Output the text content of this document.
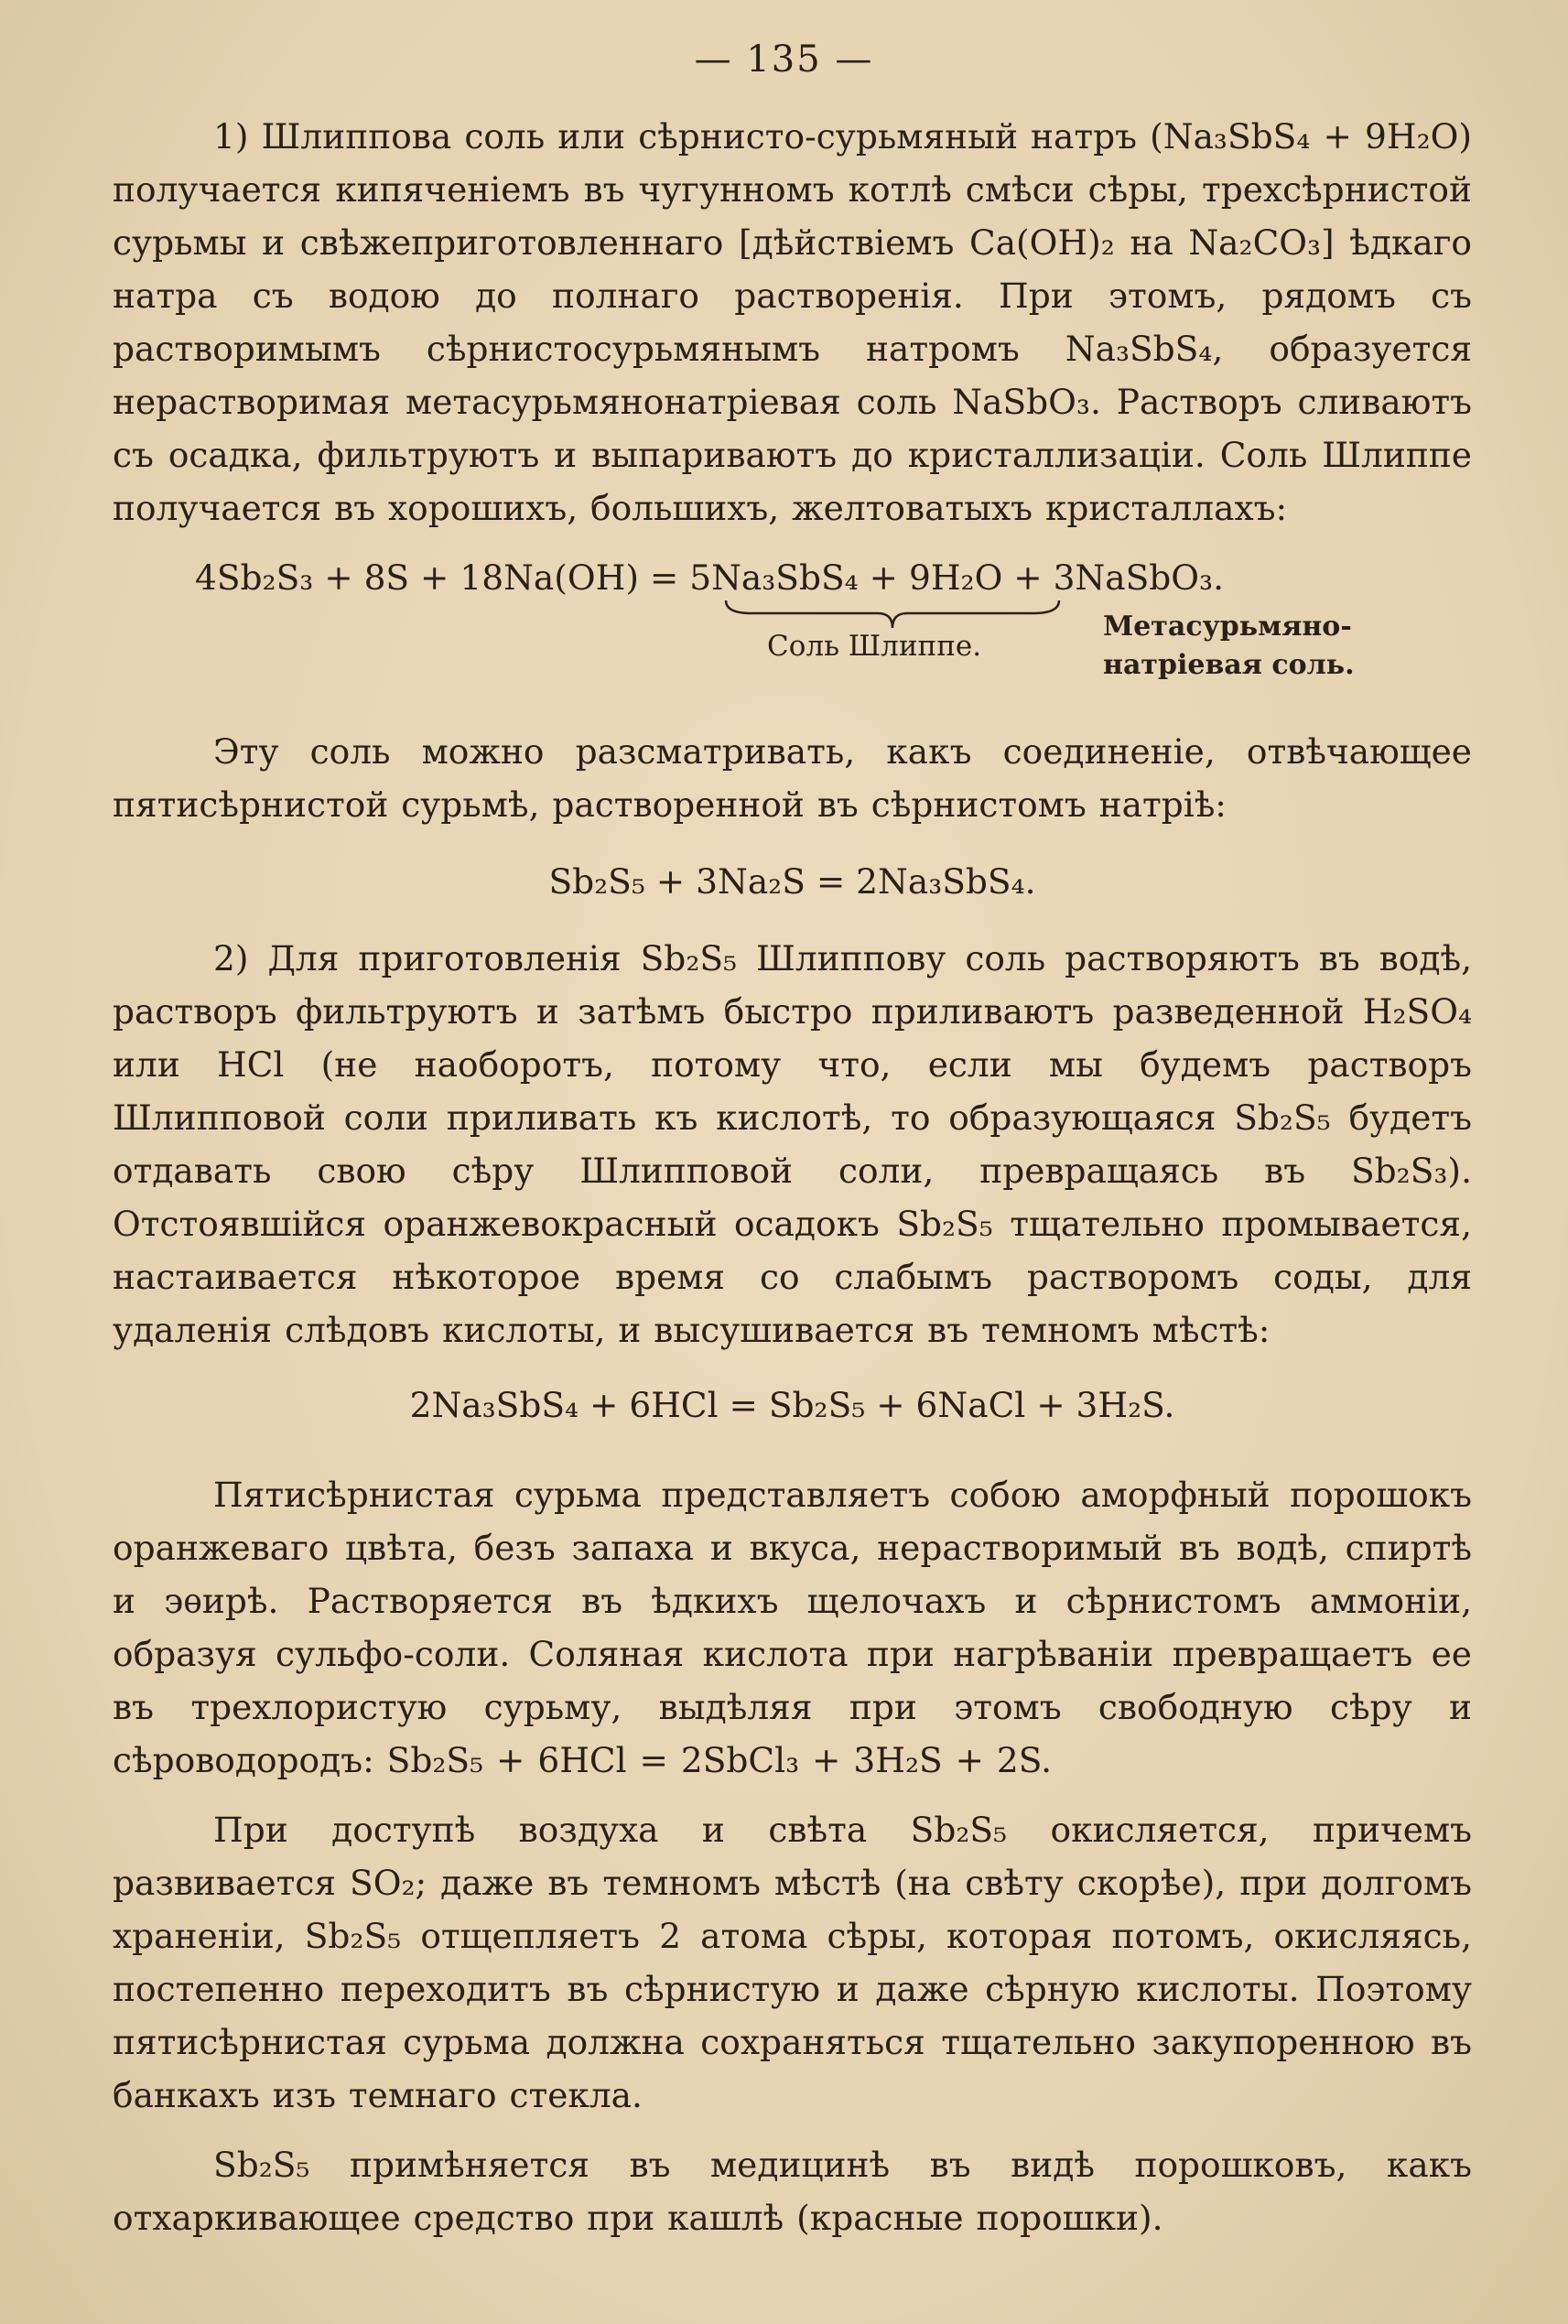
— 135 —

1) Шлиппова соль или сѣрнисто-сурьмяный натръ (Na₃SbS₄ + 9H₂O) получается кипяченіемъ въ чугунномъ котлѣ смѣси сѣры, трехсѣрнистой сурьмы и свѣжеприготовленнаго [дѣйствіемъ Ca(OH)₂ на Na₂CO₃] ѣдкаго натра съ водою до полнаго растворенія. При этомъ, рядомъ съ растворимымъ сѣрнистосурьмянымъ натромъ Na₃SbS₄, образуется нерастворимая метасурьмянонатріевая соль NaSbO₃. Растворъ сливаютъ съ осадка, фильтруютъ и выпариваютъ до кристаллизаціи. Соль Шлиппе получается въ хорошихъ, большихъ, желтоватыхъ кристаллахъ:

4Sb₂S₃ + 8S + 18Na(OH) = 5Na₃SbS₄ + 9H₂O + 3NaSbO₃.
Соль Шлиппе.
Метасурьмяно-
натріевая соль.

Эту соль можно разсматривать, какъ соединеніе, отвѣчающее пятисѣрнистой сурьмѣ, растворенной въ сѣрнистомъ натріѣ:

Sb₂S₅ + 3Na₂S = 2Na₃SbS₄.

2) Для приготовленія Sb₂S₅ Шлиппову соль растворяютъ въ водѣ, растворъ фильтруютъ и затѣмъ быстро приливаютъ разведенной H₂SO₄ или HCl (не наоборотъ, потому что, если мы будемъ растворъ Шлипповой соли приливать къ кислотѣ, то образующаяся Sb₂S₅ будетъ отдавать свою сѣру Шлипповой соли, превращаясь въ Sb₂S₃). Отстоявшійся оранжевокрасный осадокъ Sb₂S₅ тщательно промывается, настаивается нѣкоторое время со слабымъ растворомъ соды, для удаленія слѣдовъ кислоты, и высушивается въ темномъ мѣстѣ:

2Na₃SbS₄ + 6HCl = Sb₂S₅ + 6NaCl + 3H₂S.

Пятисѣрнистая сурьма представляетъ собою аморфный порошокъ оранжеваго цвѣта, безъ запаха и вкуса, нерастворимый въ водѣ, спиртѣ и эѳирѣ. Растворяется въ ѣдкихъ щелочахъ и сѣрнистомъ аммоніи, образуя сульфо-соли. Соляная кислота при нагрѣваніи превращаетъ ее въ трехлористую сурьму, выдѣляя при этомъ свободную сѣру и сѣроводородъ: Sb₂S₅ + 6HCl = 2SbCl₃ + 3H₂S + 2S.

При доступѣ воздуха и свѣта Sb₂S₅ окисляется, причемъ развивается SO₂; даже въ темномъ мѣстѣ (на свѣту скорѣе), при долгомъ храненіи, Sb₂S₅ отщепляетъ 2 атома сѣры, которая потомъ, окисляясь, постепенно переходитъ въ сѣрнистую и даже сѣрную кислоты. Поэтому пятисѣрнистая сурьма должна сохраняться тщательно закупоренною въ банкахъ изъ темнаго стекла.

Sb₂S₅ примѣняется въ медицинѣ въ видѣ порошковъ, какъ отхаркивающее средство при кашлѣ (красные порошки).
